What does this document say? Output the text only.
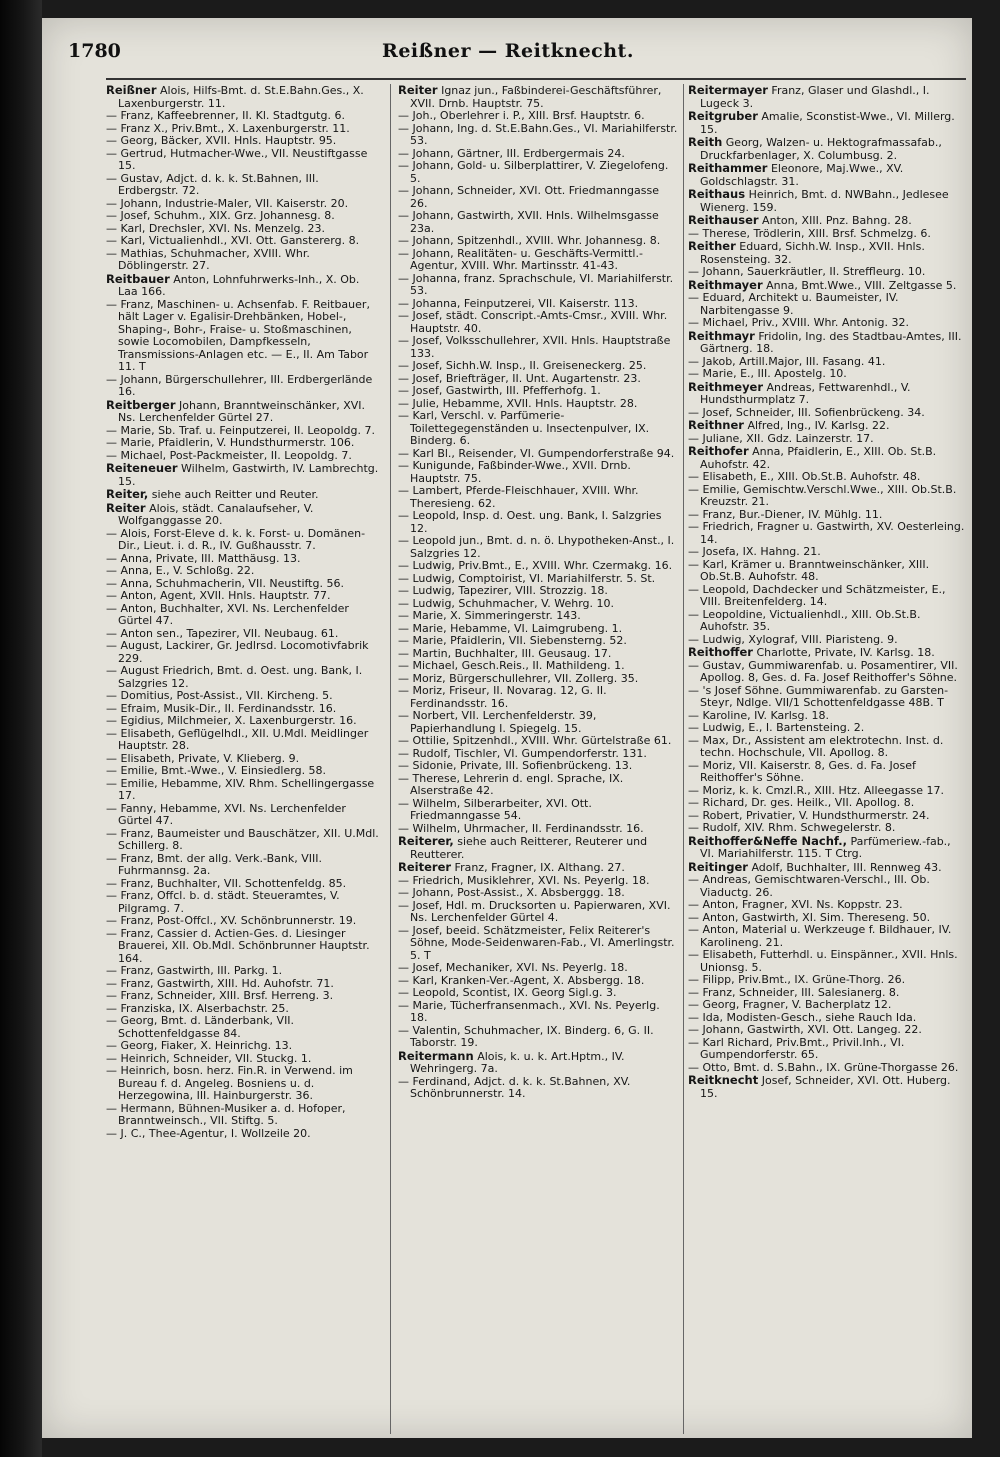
1780	Reißner — Reitknecht.

Reißner Alois, Hilfs-Bmt. d. St.E.Bahn.Ges., X. Laxenburgerstr. 11.

— Franz, Kaffeebrenner, II. Kl. Stadtgutg. 6.

— Franz X., Priv.Bmt., X. Laxenburgerstr. 11.

— Georg, Bäcker, XVII. Hnls. Hauptstr. 95.

— Gertrud, Hutmacher-Wwe., VII. Neustiftgasse 15.

— Gustav, Adjct. d. k. k. St.Bahnen, III. Erdbergstr. 72.

— Johann, Industrie-Maler, VII. Kaiserstr. 20.

— Josef, Schuhm., XIX. Grz. Johannesg. 8.

— Karl, Drechsler, XVI. Ns. Menzelg. 23.

— Karl, Victualienhdl., XVI. Ott. Ganstererg. 8.

— Mathias, Schuhmacher, XVIII. Whr. Döblingerstr. 27.

Reitbauer Anton, Lohnfuhrwerks-Inh., X. Ob. Laa 166.

— Franz, Maschinen- u. Achsenfab. F. Reitbauer, hält Lager v. Egalisir-Drehbänken, Hobel-, Shaping-, Bohr-, Fraise- u. Stoßmaschinen, sowie Locomobilen, Dampfkesseln, Transmissions-Anlagen etc. — E., II. Am Tabor 11. T

— Johann, Bürgerschullehrer, III. Erdbergerlände 16.

Reitberger Johann, Branntweinschänker, XVI. Ns. Lerchenfelder Gürtel 27.

— Marie, Sb. Traf. u. Feinputzerei, II. Leopoldg. 7.

— Marie, Pfaidlerin, V. Hundsthurmerstr. 106.

— Michael, Post-Packmeister, II. Leopoldg. 7.

Reiteneuer Wilhelm, Gastwirth, IV. Lambrechtg. 15.

Reiter, siehe auch Reitter und Reuter.

Reiter Alois, städt. Canalaufseher, V. Wolfganggasse 20.

— Alois, Forst-Eleve d. k. k. Forst- u. Domänen-Dir., Lieut. i. d. R., IV. Gußhausstr. 7.

— Anna, Private, III. Matthäusg. 13.

— Anna, E., V. Schloßg. 22.

— Anna, Schuhmacherin, VII. Neustiftg. 56.

— Anton, Agent, XVII. Hnls. Hauptstr. 77.

— Anton, Buchhalter, XVI. Ns. Lerchenfelder Gürtel 47.

— Anton sen., Tapezirer, VII. Neubaug. 61.

— August, Lackirer, Gr. Jedlrsd. Locomotivfabrik 229.

— August Friedrich, Bmt. d. Oest. ung. Bank, I. Salzgries 12.

— Domitius, Post-Assist., VII. Kircheng. 5.

— Efraim, Musik-Dir., II. Ferdinandsstr. 16.

— Egidius, Milchmeier, X. Laxenburgerstr. 16.

— Elisabeth, Geflügelhdl., XII. U.Mdl. Meidlinger Hauptstr. 28.

— Elisabeth, Private, V. Klieberg. 9.

— Emilie, Bmt.-Wwe., V. Einsiedlerg. 58.

— Emilie, Hebamme, XIV. Rhm. Schellingergasse 17.

— Fanny, Hebamme, XVI. Ns. Lerchenfelder Gürtel 47.

— Franz, Baumeister und Bauschätzer, XII. U.Mdl. Schillerg. 8.

— Franz, Bmt. der allg. Verk.-Bank, VIII. Fuhrmannsg. 2a.

— Franz, Buchhalter, VII. Schottenfeldg. 85.

— Franz, Offcl. b. d. städt. Steueramtes, V. Pilgramg. 7.

— Franz, Post-Offcl., XV. Schönbrunnerstr. 19.

— Franz, Cassier d. Actien-Ges. d. Liesinger Brauerei, XII. Ob.Mdl. Schönbrunner Hauptstr. 164.

— Franz, Gastwirth, III. Parkg. 1.

— Franz, Gastwirth, XIII. Hd. Auhofstr. 71.

— Franz, Schneider, XIII. Brsf. Herreng. 3.

— Franziska, IX. Alserbachstr. 25.

— Georg, Bmt. d. Länderbank, VII. Schottenfeldgasse 84.

— Georg, Fiaker, X. Heinrichg. 13.

— Heinrich, Schneider, VII. Stuckg. 1.

— Heinrich, bosn. herz. Fin.R. in Verwend. im Bureau f. d. Angeleg. Bosniens u. d. Herzegowina, III. Hainburgerstr. 36.

— Hermann, Bühnen-Musiker a. d. Hofoper, Branntweinsch., VII. Stiftg. 5.

— J. C., Thee-Agentur, I. Wollzeile 20.

Reiter Ignaz jun., Faßbinderei-Geschäftsführer, XVII. Drnb. Hauptstr. 75.

— Joh., Oberlehrer i. P., XIII. Brsf. Hauptstr. 6.

— Johann, Ing. d. St.E.Bahn.Ges., VI. Mariahilferstr. 53.

— Johann, Gärtner, III. Erdbergermais 24.

— Johann, Gold- u. Silberplattirer, V. Ziegelofeng. 5.

— Johann, Schneider, XVI. Ott. Friedmanngasse 26.

— Johann, Gastwirth, XVII. Hnls. Wilhelmsgasse 23a.

— Johann, Spitzenhdl., XVIII. Whr. Johannesg. 8.

— Johann, Realitäten- u. Geschäfts-Vermittl.-Agentur, XVIII. Whr. Martinsstr. 41-43.

— Johanna, franz. Sprachschule, VI. Mariahilferstr. 53.

— Johanna, Feinputzerei, VII. Kaiserstr. 113.

— Josef, städt. Conscript.-Amts-Cmsr., XVIII. Whr. Hauptstr. 40.

— Josef, Volksschullehrer, XVII. Hnls. Hauptstraße 133.

— Josef, Sichh.W. Insp., II. Greiseneckerg. 25.

— Josef, Briefträger, II. Unt. Augartenstr. 23.

— Josef, Gastwirth, III. Pfefferhofg. 1.

— Julie, Hebamme, XVII. Hnls. Hauptstr. 28.

— Karl, Verschl. v. Parfümerie-Toilettegegenständen u. Insectenpulver, IX. Binderg. 6.

— Karl Bl., Reisender, VI. Gumpendorferstraße 94.

— Kunigunde, Faßbinder-Wwe., XVII. Drnb. Hauptstr. 75.

— Lambert, Pferde-Fleischhauer, XVIII. Whr. Theresieng. 62.

— Leopold, Insp. d. Oest. ung. Bank, I. Salzgries 12.

— Leopold jun., Bmt. d. n. ö. Lhypotheken-Anst., I. Salzgries 12.

— Ludwig, Priv.Bmt., E., XVIII. Whr. Czermakg. 16.

— Ludwig, Comptoirist, VI. Mariahilferstr. 5. St.

— Ludwig, Tapezirer, VIII. Strozzig. 18.

— Ludwig, Schuhmacher, V. Wehrg. 10.

— Marie, X. Simmeringerstr. 143.

— Marie, Hebamme, VI. Laimgrubeng. 1.

— Marie, Pfaidlerin, VII. Siebensterng. 52.

— Martin, Buchhalter, III. Geusaug. 17.

— Michael, Gesch.Reis., II. Mathildeng. 1.

— Moriz, Bürgerschullehrer, VII. Zollerg. 35.

— Moriz, Friseur, II. Novarag. 12, G. II. Ferdinandsstr. 16.

— Norbert, VII. Lerchenfelderstr. 39, Papierhandlung I. Spiegelg. 15.

— Ottilie, Spitzenhdl., XVIII. Whr. Gürtelstraße 61.

— Rudolf, Tischler, VI. Gumpendorferstr. 131.

— Sidonie, Private, III. Sofienbrückeng. 13.

— Therese, Lehrerin d. engl. Sprache, IX. Alserstraße 42.

— Wilhelm, Silberarbeiter, XVI. Ott. Friedmanngasse 54.

— Wilhelm, Uhrmacher, II. Ferdinandsstr. 16.

Reiterer, siehe auch Reitterer, Reuterer und Reutterer.

Reiterer Franz, Fragner, IX. Althang. 27.

— Friedrich, Musiklehrer, XVI. Ns. Peyerlg. 18.

— Johann, Post-Assist., X. Absberggg. 18.

— Josef, Hdl. m. Drucksorten u. Papierwaren, XVI. Ns. Lerchenfelder Gürtel 4.

— Josef, beeid. Schätzmeister, Felix Reiterer's Söhne, Mode-Seidenwaren-Fab., VI. Amerlingstr. 5. T

— Josef, Mechaniker, XVI. Ns. Peyerlg. 18.

— Karl, Kranken-Ver.-Agent, X. Absbergg. 18.

— Leopold, Scontist, IX. Georg Sigl.g. 3.

— Marie, Tücherfransenmach., XVI. Ns. Peyerlg. 18.

— Valentin, Schuhmacher, IX. Binderg. 6, G. II. Taborstr. 19.

Reitermann Alois, k. u. k. Art.Hptm., IV. Wehringerg. 7a.

— Ferdinand, Adjct. d. k. k. St.Bahnen, XV. Schönbrunnerstr. 14.

Reitermayer Franz, Glaser und Glashdl., I. Lugeck 3.

Reitgruber Amalie, Sconstist-Wwe., VI. Millerg. 15.

Reith Georg, Walzen- u. Hektografmassafab., Druckfarbenlager, X. Columbusg. 2.

Reithammer Eleonore, Maj.Wwe., XV. Goldschlagstr. 31.

Reithaus Heinrich, Bmt. d. NWBahn., Jedlesee Wienerg. 159.

Reithauser Anton, XIII. Pnz. Bahng. 28.

— Therese, Trödlerin, XIII. Brsf. Schmelzg. 6.

Reither Eduard, Sichh.W. Insp., XVII. Hnls. Rosensteing. 32.

— Johann, Sauerkräutler, II. Streffleurg. 10.

Reithmayer Anna, Bmt.Wwe., VIII. Zeltgasse 5.

— Eduard, Architekt u. Baumeister, IV. Narbitengasse 9.

— Michael, Priv., XVIII. Whr. Antonig. 32.

Reithmayr Fridolin, Ing. des Stadtbau-Amtes, III. Gärtnerg. 18.

— Jakob, Artill.Major, III. Fasang. 41.

— Marie, E., III. Apostelg. 10.

Reithmeyer Andreas, Fettwarenhdl., V. Hundsthurmplatz 7.

— Josef, Schneider, III. Sofienbrückeng. 34.

Reithner Alfred, Ing., IV. Karlsg. 22.

— Juliane, XII. Gdz. Lainzerstr. 17.

Reithofer Anna, Pfaidlerin, E., XIII. Ob. St.B. Auhofstr. 42.

— Elisabeth, E., XIII. Ob.St.B. Auhofstr. 48.

— Emilie, Gemischtw.Verschl.Wwe., XIII. Ob.St.B. Kreuzstr. 21.

— Franz, Bur.-Diener, IV. Mühlg. 11.

— Friedrich, Fragner u. Gastwirth, XV. Oesterleing. 14.

— Josefa, IX. Hahng. 21.

— Karl, Krämer u. Branntweinschänker, XIII. Ob.St.B. Auhofstr. 48.

— Leopold, Dachdecker und Schätzmeister, E., VIII. Breitenfelderg. 14.

— Leopoldine, Victualienhdl., XIII. Ob.St.B. Auhofstr. 35.

— Ludwig, Xylograf, VIII. Piaristeng. 9.

Reithoffer Charlotte, Private, IV. Karlsg. 18.

— Gustav, Gummiwarenfab. u. Posamentirer, VII. Apollog. 8, Ges. d. Fa. Josef Reithoffer's Söhne.

— 's Josef Söhne. Gummiwarenfab. zu Garsten-Steyr, Ndlge. VII/1 Schottenfeldgasse 48B. T

— Karoline, IV. Karlsg. 18.

— Ludwig, E., I. Bartensteing. 2.

— Max, Dr., Assistent am elektrotechn. Inst. d. techn. Hochschule, VII. Apollog. 8.

— Moriz, VII. Kaiserstr. 8, Ges. d. Fa. Josef Reithoffer's Söhne.

— Moriz, k. k. Cmzl.R., XIII. Htz. Alleegasse 17.

— Richard, Dr. ges. Heilk., VII. Apollog. 8.

— Robert, Privatier, V. Hundsthurmerstr. 24.

— Rudolf, XIV. Rhm. Schwegelerstr. 8.

Reithoffer&Neffe Nachf., Parfümeriew.-fab., VI. Mariahilferstr. 115. T Ctrg.

Reitinger Adolf, Buchhalter, III. Rennweg 43.

— Andreas, Gemischtwaren-Verschl., III. Ob. Viaductg. 26.

— Anton, Fragner, XVI. Ns. Koppstr. 23.

— Anton, Gastwirth, XI. Sim. Thereseng. 50.

— Anton, Material u. Werkzeuge f. Bildhauer, IV. Karolineng. 21.

— Elisabeth, Futterhdl. u. Einspänner., XVII. Hnls. Unionsg. 5.

— Filipp, Priv.Bmt., IX. Grüne-Thorg. 26.

— Franz, Schneider, III. Salesianerg. 8.

— Georg, Fragner, V. Bacherplatz 12.

— Ida, Modisten-Gesch., siehe Rauch Ida.

— Johann, Gastwirth, XVI. Ott. Langeg. 22.

— Karl Richard, Priv.Bmt., Privil.Inh., VI. Gumpendorferstr. 65.

— Otto, Bmt. d. S.Bahn., IX. Grüne-Thorgasse 26.

Reitknecht Josef, Schneider, XVI. Ott. Huberg. 15.
